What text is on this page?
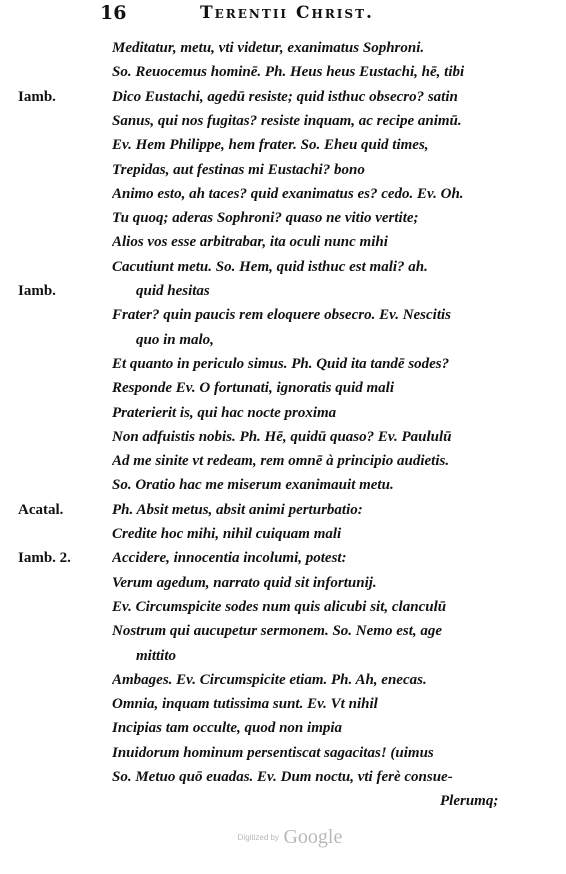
16	Terentii Christ.
Meditatur, metu, vti videtur, exanimatus Sophroni.
So. Reuocemus hominē. Ph. Heus heus Eustachi, hē, tibi
Dico Eustachi, agedū resiste; quid isthuc obsecro? satin
Sanus, qui nos fugitas? resiste inquam, ac recipe animū.
Ev. Hem Philippe, hem frater. So. Eheu quid times,
Trepidas, aut festinas mi Eustachi? bono
Animo esto, ah taces? quid exanimatus es? cedo. Ev. Oh.
Tu quoq; aderas Sophroni? quaso ne vitio vertite;
Alios vos esse arbitrabar, ita oculi nunc mihi
Cacutiunt metu. So. Hem, quid isthuc est mali? ah.
quid hesitas
Frater? quin paucis rem eloquere obsecro. Ev. Nescitis
quo in malo,
Et quanto in periculo simus. Ph. Quid ita tandē sodes?
Responde Ev. O fortunati, ignoratis quid mali
Praterierit is, qui hac nocte proxima
Non adfuistis nobis. Ph. Hē, quidū quaso? Ev. Paululū
Ad me sinite vt redeam, rem omnē à principio audietis.
So. Oratio hac me miserum exanimauit metu.
Ph. Absit metus, absit animi perturbatio:
Credite hoc mihi, nihil cuiquam mali
Accidere, innocentia incolumi, potest:
Verum agedum, narrato quid sit infortunij.
Ev. Circumspicite sodes num quis alicubi sit, clanculū
Nostrum qui aucupetur sermonem. So. Nemo est, age
mittito
Ambages. Ev. Circumspicite etiam. Ph. Ah, enecas.
Omnia, inquam tutissima sunt. Ev. Vt nihil
Incipias tam occulte, quod non impia
Inuidorum hominum persentiscat sagacitas! (uimus
So. Metuo quō euadas. Ev. Dum noctu, vti ferè consue-
Plerumq;
Iamb.
Iamb.
Acatal.
Iamb. 2.
Digitized by Google
